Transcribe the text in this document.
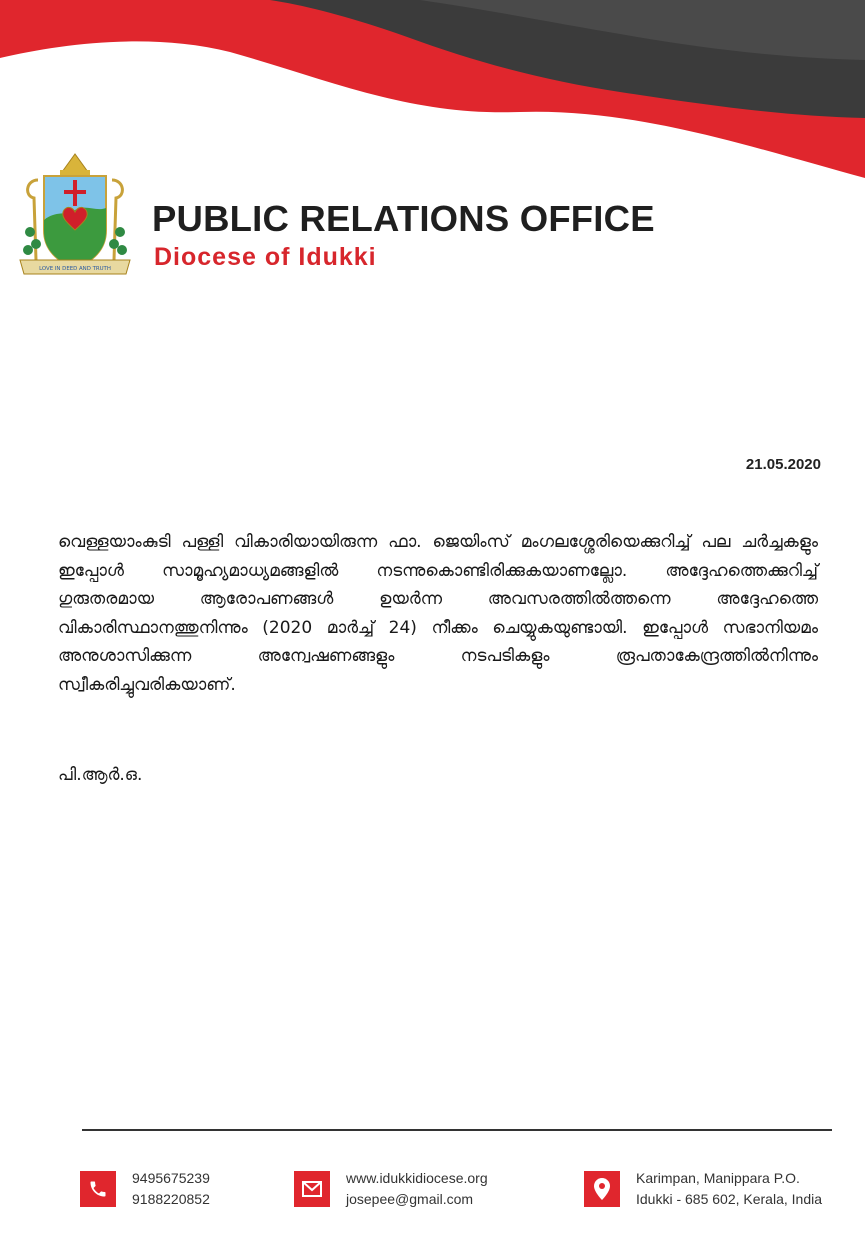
LOVE IN DEED AND TRUTH
PUBLIC RELATIONS OFFICE
Diocese of Idukki
21.05.2020

വെള്ളയാംകുടി പള്ളി വികാരിയായിരുന്ന ഫാ. ജെയിംസ് മംഗലശ്ശേരിയെക്കുറിച്ച് പല ചർച്ചകളും ഇപ്പോൾ സാമൂഹ്യമാധ്യമങ്ങളിൽ നടന്നുകൊണ്ടിരിക്കുകയാണല്ലോ. അദ്ദേഹത്തെക്കുറിച്ച് ഗുരുതരമായ ആരോപണങ്ങൾ ഉയർന്ന അവസരത്തിൽത്തന്നെ അദ്ദേഹത്തെ വികാരിസ്ഥാനത്തുനിന്നും (2020 മാർച്ച് 24) നീക്കം ചെയ്യുകയുണ്ടായി. ഇപ്പോൾ സഭാനിയമം അനുശാസിക്കുന്ന അന്വേഷണങ്ങളും നടപടികളും രൂപതാകേന്ദ്രത്തിൽനിന്നും സ്വീകരിച്ചുവരികയാണ്.

പി.ആർ.ഒ.
9495675239
9188220852
www.idukkidiocese.org
josepee@gmail.com
Karimpan, Manippara P.O.
Idukki - 685 602, Kerala, India
